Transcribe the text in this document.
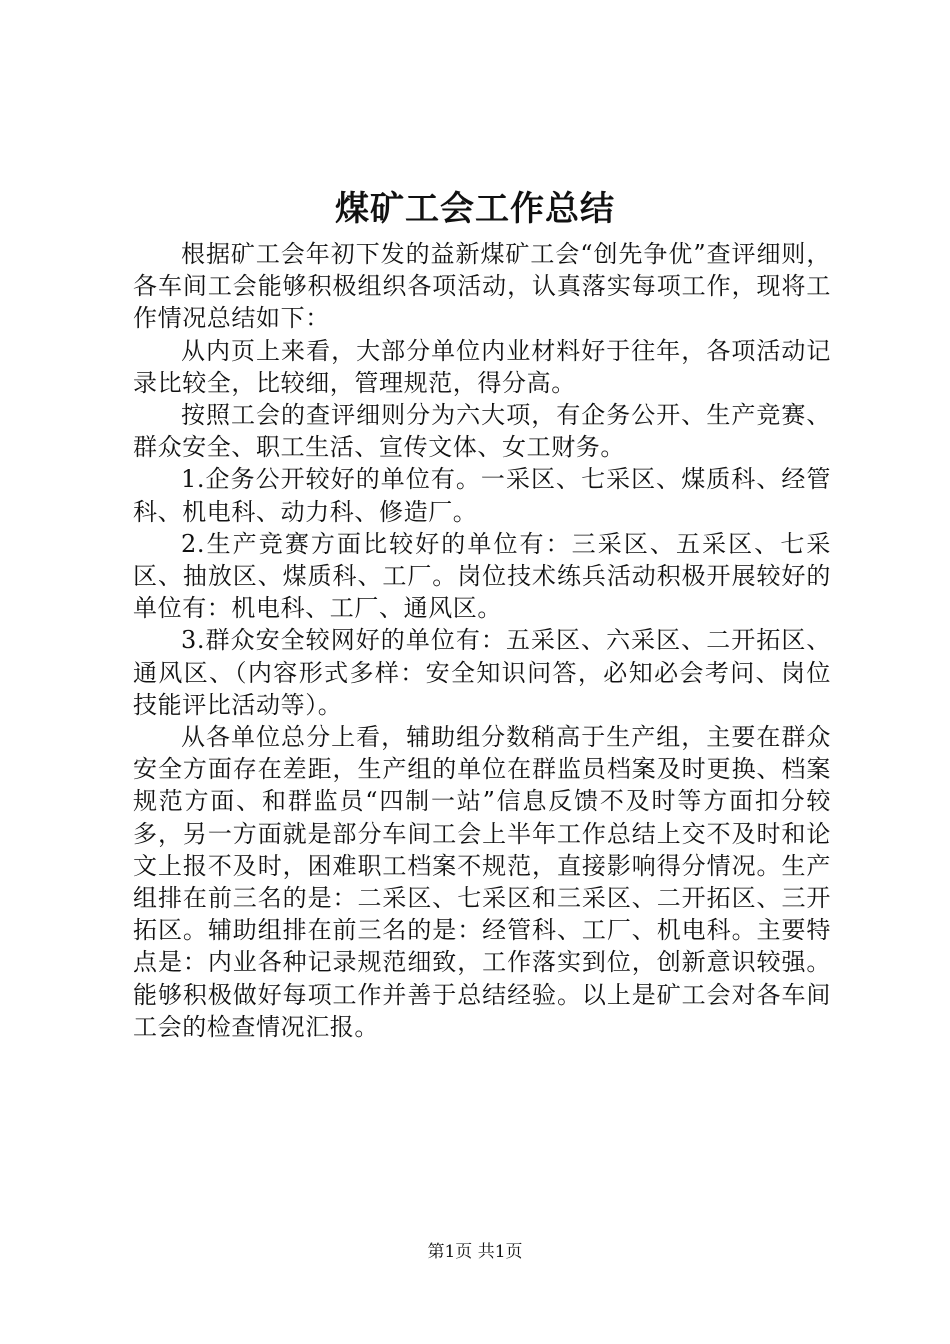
煤矿工会工作总结

根据矿工会年初下发的益新煤矿工会“创先争优”查评细则，各车间工会能够积极组织各项活动，认真落实每项工作，现将工作情况总结如下：

从内页上来看，大部分单位内业材料好于往年，各项活动记录比较全，比较细，管理规范，得分高。

按照工会的查评细则分为六大项，有企务公开、生产竞赛、群众安全、职工生活、宣传文体、女工财务。

1.企务公开较好的单位有。一采区、七采区、煤质科、经管科、机电科、动力科、修造厂。

2.生产竞赛方面比较好的单位有：三采区、五采区、七采区、抽放区、煤质科、工厂。岗位技术练兵活动积极开展较好的单位有：机电科、工厂、通风区。

3.群众安全较网好的单位有：五采区、六采区、二开拓区、通风区、（内容形式多样：安全知识问答，必知必会考问、岗位技能评比活动等）。

从各单位总分上看，辅助组分数稍高于生产组，主要在群众安全方面存在差距，生产组的单位在群监员档案及时更换、档案规范方面、和群监员“四制一站”信息反馈不及时等方面扣分较多，另一方面就是部分车间工会上半年工作总结上交不及时和论文上报不及时，困难职工档案不规范，直接影响得分情况。生产组排在前三名的是：二采区、七采区和三采区、二开拓区、三开拓区。辅助组排在前三名的是：经管科、工厂、机电科。主要特点是：内业各种记录规范细致，工作落实到位，创新意识较强。能够积极做好每项工作并善于总结经验。以上是矿工会对各车间工会的检查情况汇报。

第1页 共1页
